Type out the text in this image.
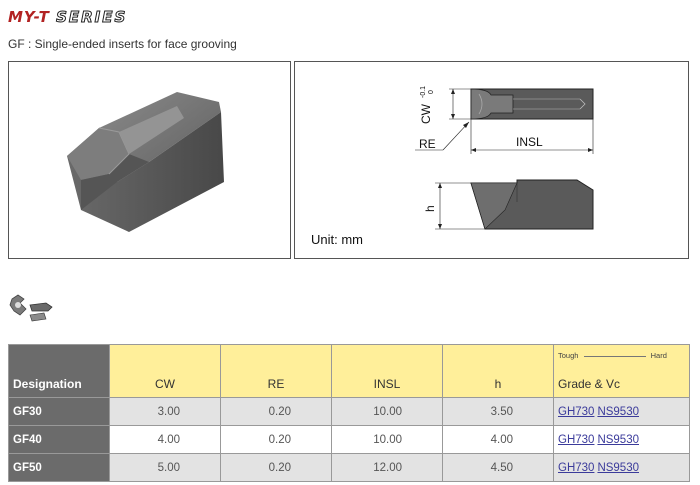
MY-T SERIES
GF : Single-ended inserts for face grooving
CW
-0.1 0
RE	INSL
h
Unit: mm
Designation	CW	RE	INSL	h	Tough Hard
Grade & Vc
GF30	3.00	0.20	10.00	3.50	GH730 NS9530
GF40	4.00	0.20	10.00	4.00	GH730 NS9530
GF50	5.00	0.20	12.00	4.50	GH730 NS9530
